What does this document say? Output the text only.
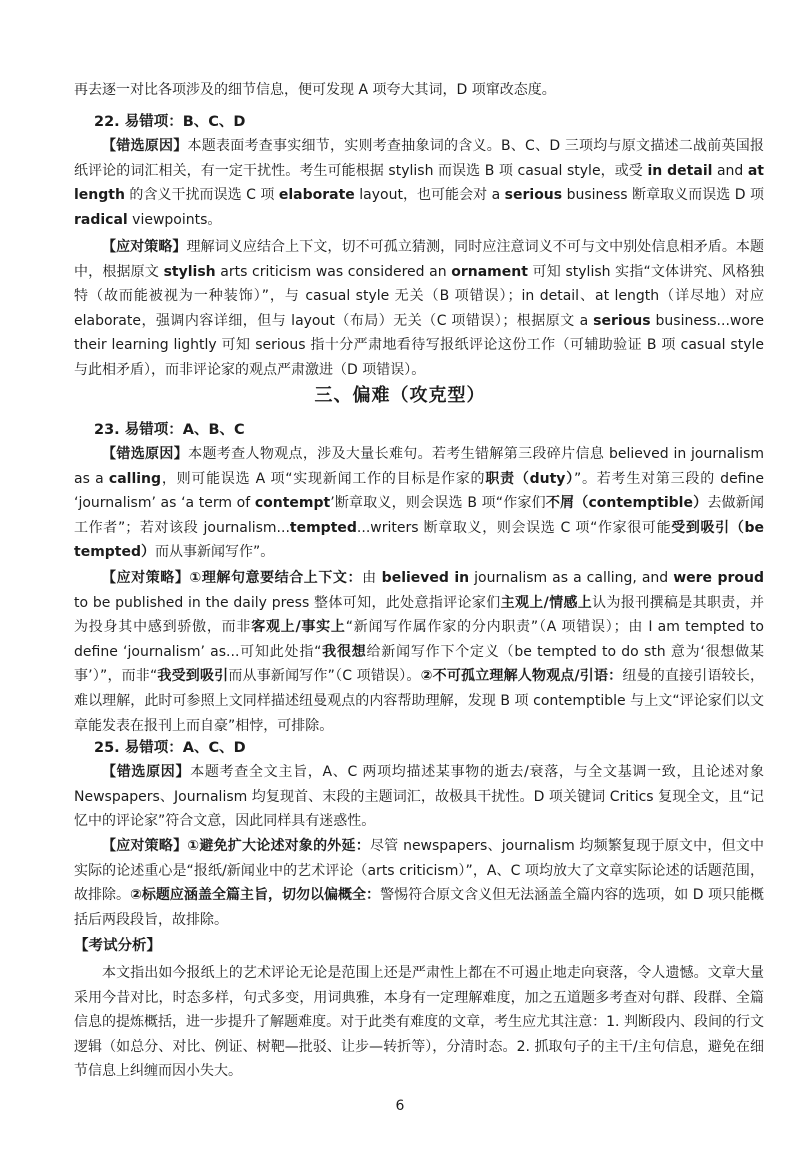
再去逐一对比各项涉及的细节信息，便可发现 A 项夸大其词，D 项窜改态度。

22. 易错项：B、C、D

【错选原因】本题表面考查事实细节，实则考查抽象词的含义。B、C、D 三项均与原文描述二战前英国报纸评论的词汇相关，有一定干扰性。考生可能根据 stylish 而误选 B 项 casual style，或受 in detail and at length 的含义干扰而误选 C 项 elaborate layout，也可能会对 a serious business 断章取义而误选 D 项 radical viewpoints。

【应对策略】理解词义应结合上下文，切不可孤立猜测，同时应注意词义不可与文中别处信息相矛盾。本题中，根据原文 stylish arts criticism was considered an ornament 可知 stylish 实指“文体讲究、风格独特（故而能被视为一种装饰）”，与 casual style 无关（B 项错误）；in detail、at length（详尽地）对应 elaborate，强调内容详细，但与 layout（布局）无关（C 项错误）；根据原文 a serious business...wore their learning lightly 可知 serious 指十分严肃地看待写报纸评论这份工作（可辅助验证 B 项 casual style 与此相矛盾），而非评论家的观点严肃激进（D 项错误）。

三、偏难（攻克型）

23. 易错项：A、B、C

【错选原因】本题考查人物观点，涉及大量长难句。若考生错解第三段碎片信息 believed in journalism as a calling，则可能误选 A 项“实现新闻工作的目标是作家的职责（duty）”。若考生对第三段的 define ‘journalism’ as ‘a term of contempt’断章取义，则会误选 B 项“作家们不屑（contemptible）去做新闻工作者”；若对该段 journalism...tempted...writers 断章取义，则会误选 C 项“作家很可能受到吸引（be tempted）而从事新闻写作”。

【应对策略】①理解句意要结合上下文：由 believed in journalism as a calling, and were proud to be published in the daily press 整体可知，此处意指评论家们主观上/情感上认为报刊撰稿是其职责，并为投身其中感到骄傲，而非客观上/事实上“新闻写作属作家的分内职责”（A 项错误）；由 I am tempted to define ‘journalism’ as...可知此处指“我很想给新闻写作下个定义（be tempted to do sth 意为‘很想做某事’）”，而非“我受到吸引而从事新闻写作”（C 项错误）。②不可孤立理解人物观点/引语：纽曼的直接引语较长，难以理解，此时可参照上文同样描述纽曼观点的内容帮助理解，发现 B 项 contemptible 与上文“评论家们以文章能发表在报刊上而自豪”相悖，可排除。

25. 易错项：A、C、D

【错选原因】本题考查全文主旨，A、C 两项均描述某事物的逝去/衰落，与全文基调一致，且论述对象 Newspapers、Journalism 均复现首、末段的主题词汇，故极具干扰性。D 项关键词 Critics 复现全文，且“记忆中的评论家”符合文意，因此同样具有迷惑性。

【应对策略】①避免扩大论述对象的外延：尽管 newspapers、journalism 均频繁复现于原文中，但文中实际的论述重心是“报纸/新闻业中的艺术评论（arts criticism）”，A、C 项均放大了文章实际论述的话题范围，故排除。②标题应涵盖全篇主旨，切勿以偏概全：警惕符合原文含义但无法涵盖全篇内容的选项，如 D 项只能概括后两段段旨，故排除。

【考试分析】

本文指出如今报纸上的艺术评论无论是范围上还是严肃性上都在不可遏止地走向衰落，令人遗憾。文章大量采用今昔对比，时态多样，句式多变，用词典雅，本身有一定理解难度，加之五道题多考查对句群、段群、全篇信息的提炼概括，进一步提升了解题难度。对于此类有难度的文章，考生应尤其注意：1. 判断段内、段间的行文逻辑（如总分、对比、例证、树靶—批驳、让步—转折等），分清时态。2. 抓取句子的主干/主句信息，避免在细节信息上纠缠而因小失大。

6
